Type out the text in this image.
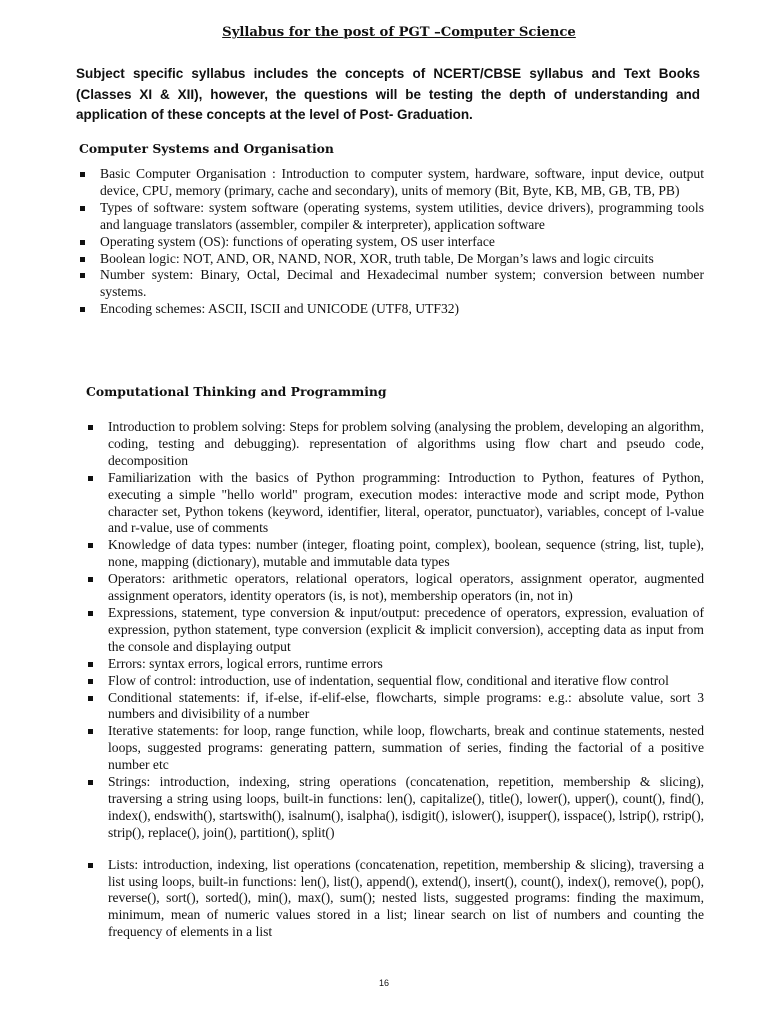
Syllabus for the post of PGT –Computer Science
Subject specific syllabus includes the concepts of NCERT/CBSE syllabus and Text Books (Classes XI & XII), however, the questions will be testing the depth of understanding and application of these concepts at the level of Post- Graduation.
Computer Systems and Organisation
Basic Computer Organisation : Introduction to computer system, hardware, software, input device, output device, CPU, memory (primary, cache and secondary), units of memory (Bit, Byte, KB, MB, GB, TB, PB)
Types of software: system software (operating systems, system utilities, device drivers), programming tools and language translators (assembler, compiler & interpreter), application software
Operating system (OS): functions of operating system, OS user interface
Boolean logic: NOT, AND, OR, NAND, NOR, XOR, truth table, De Morgan’s laws and logic circuits
Number system: Binary, Octal, Decimal and Hexadecimal number system; conversion between number systems.
Encoding schemes: ASCII, ISCII and UNICODE (UTF8, UTF32)
Computational Thinking and Programming
Introduction to problem solving: Steps for problem solving (analysing the problem, developing an algorithm, coding, testing and debugging). representation of algorithms using flow chart and pseudo code, decomposition
Familiarization with the basics of Python programming: Introduction to Python, features of Python, executing a simple "hello world" program, execution modes: interactive mode and script mode, Python character set, Python tokens (keyword, identifier, literal, operator, punctuator), variables, concept of l-value and r-value, use of comments
Knowledge of data types: number (integer, floating point, complex), boolean, sequence (string, list, tuple), none, mapping (dictionary), mutable and immutable data types
Operators: arithmetic operators, relational operators, logical operators, assignment operator, augmented assignment operators, identity operators (is, is not), membership operators (in, not in)
Expressions, statement, type conversion & input/output: precedence of operators, expression, evaluation of expression, python statement, type conversion (explicit & implicit conversion), accepting data as input from the console and displaying output
Errors: syntax errors, logical errors, runtime errors
Flow of control: introduction, use of indentation, sequential flow, conditional and iterative flow control
Conditional statements: if, if-else, if-elif-else, flowcharts, simple programs: e.g.: absolute value, sort 3 numbers and divisibility of a number
Iterative statements: for loop, range function, while loop, flowcharts, break and continue statements, nested loops, suggested programs: generating pattern, summation of series, finding the factorial of a positive number etc
Strings: introduction, indexing, string operations (concatenation, repetition, membership & slicing), traversing a string using loops, built-in functions: len(), capitalize(), title(), lower(), upper(), count(), find(), index(), endswith(), startswith(), isalnum(), isalpha(), isdigit(), islower(), isupper(), isspace(), lstrip(), rstrip(), strip(), replace(), join(), partition(), split()
Lists: introduction, indexing, list operations (concatenation, repetition, membership & slicing), traversing a list using loops, built-in functions: len(), list(), append(), extend(), insert(), count(), index(), remove(), pop(), reverse(), sort(), sorted(), min(), max(), sum(); nested lists, suggested programs: finding the maximum, minimum, mean of numeric values stored in a list; linear search on list of numbers and counting the frequency of elements in a list
16
